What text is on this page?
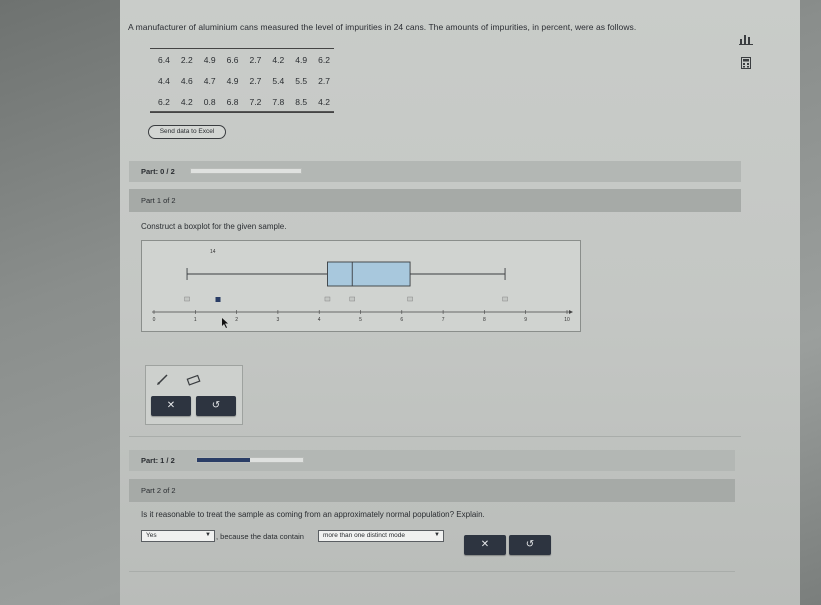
A manufacturer of aluminium cans measured the level of impurities in 24 cans. The amounts of impurities, in percent, were as follows.
6.4 2.2 4.9 6.6 2.7 4.2 4.9 6.2
4.4 4.6 4.7 4.9 2.7 5.4 5.5 2.7
6.2 4.2 0.8 6.8 7.2 7.8 8.5 4.2
Send data to Excel
Part: 0 / 2
Part 1 of 2
Construct a boxplot for the given sample.
14
0	1	2	3	4	5	6	7	8	9	10
✕	↺
Part: 1 / 2
Part 2 of 2
Is it reasonable to treat the sample as coming from an approximately normal population? Explain.
Yes	▼ , because the data contain	more than one distinct mode	▼
✕	↺
